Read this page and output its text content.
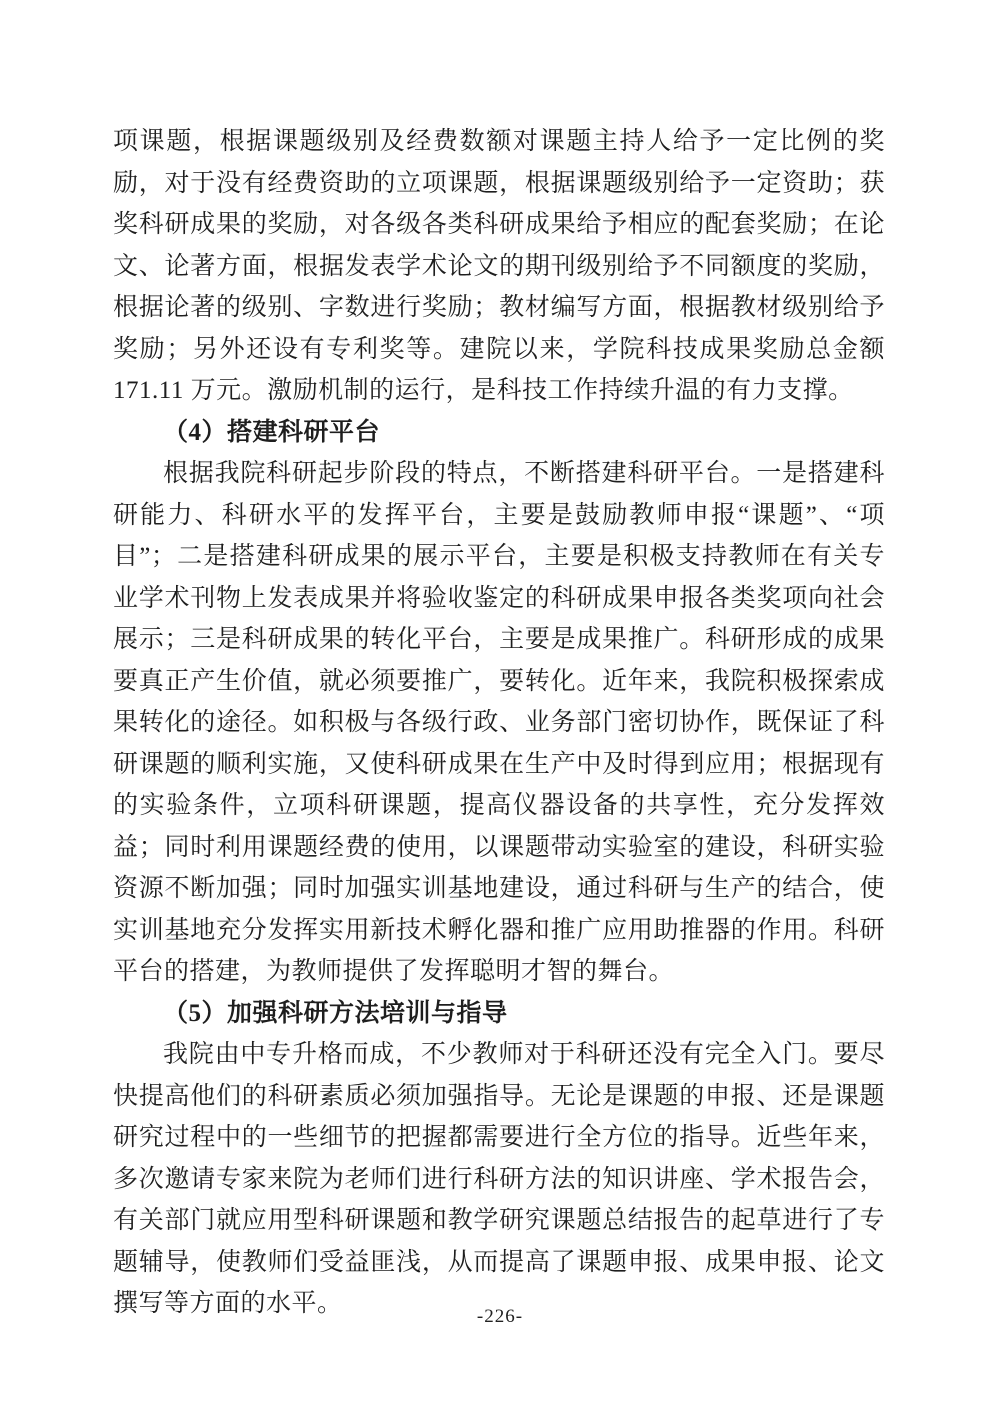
项课题，根据课题级别及经费数额对课题主持人给予一定比例的奖励，对于没有经费资助的立项课题，根据课题级别给予一定资助；获奖科研成果的奖励，对各级各类科研成果给予相应的配套奖励；在论文、论著方面，根据发表学术论文的期刊级别给予不同额度的奖励，根据论著的级别、字数进行奖励；教材编写方面，根据教材级别给予奖励；另外还设有专利奖等。建院以来，学院科技成果奖励总金额 171.11 万元。激励机制的运行，是科技工作持续升温的有力支撑。

（4）搭建科研平台

根据我院科研起步阶段的特点，不断搭建科研平台。一是搭建科研能力、科研水平的发挥平台，主要是鼓励教师申报“课题”、“项目”；二是搭建科研成果的展示平台，主要是积极支持教师在有关专业学术刊物上发表成果并将验收鉴定的科研成果申报各类奖项向社会展示；三是科研成果的转化平台，主要是成果推广。科研形成的成果要真正产生价值，就必须要推广，要转化。近年来，我院积极探索成果转化的途径。如积极与各级行政、业务部门密切协作，既保证了科研课题的顺利实施，又使科研成果在生产中及时得到应用；根据现有的实验条件，立项科研课题，提高仪器设备的共享性，充分发挥效益；同时利用课题经费的使用，以课题带动实验室的建设，科研实验资源不断加强；同时加强实训基地建设，通过科研与生产的结合，使实训基地充分发挥实用新技术孵化器和推广应用助推器的作用。科研平台的搭建，为教师提供了发挥聪明才智的舞台。

（5）加强科研方法培训与指导

我院由中专升格而成，不少教师对于科研还没有完全入门。要尽快提高他们的科研素质必须加强指导。无论是课题的申报、还是课题研究过程中的一些细节的把握都需要进行全方位的指导。近些年来，多次邀请专家来院为老师们进行科研方法的知识讲座、学术报告会，有关部门就应用型科研课题和教学研究课题总结报告的起草进行了专题辅导，使教师们受益匪浅，从而提高了课题申报、成果申报、论文撰写等方面的水平。	-226-
